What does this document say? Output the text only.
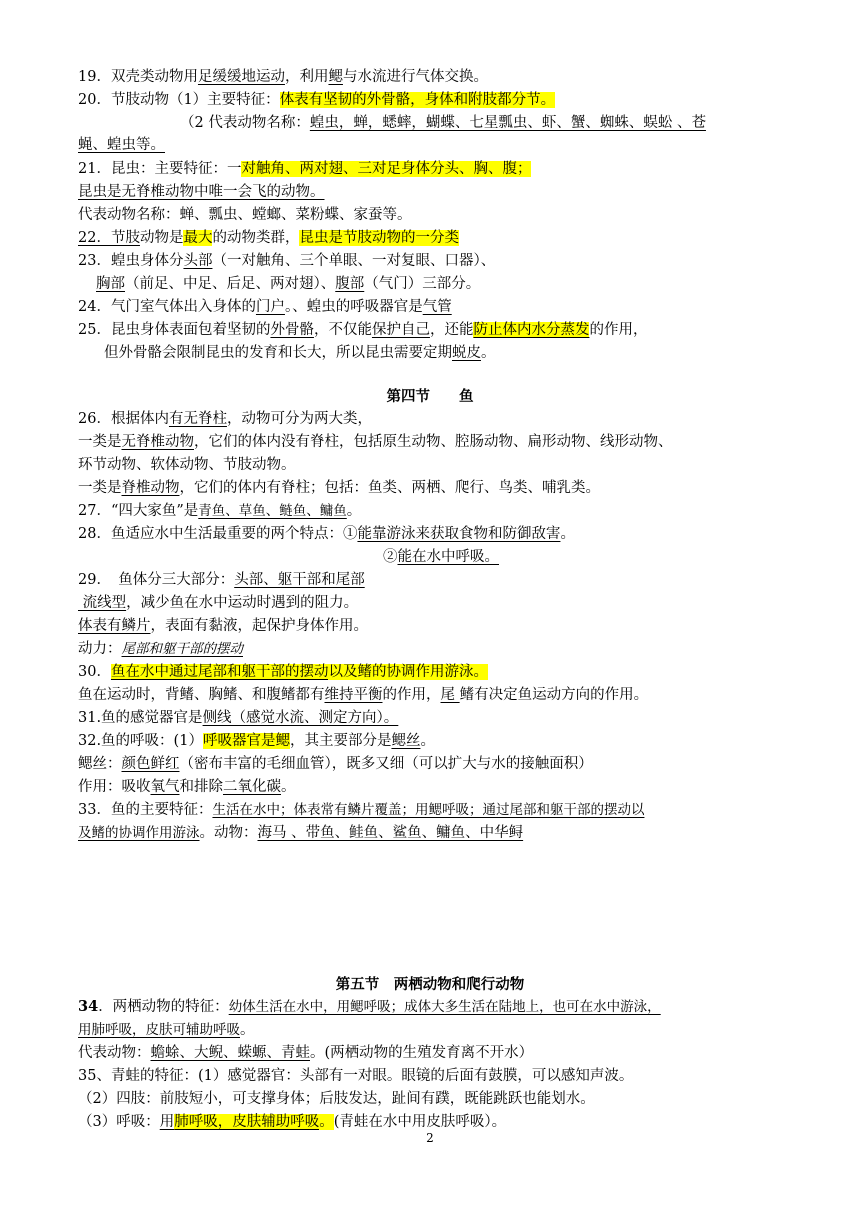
19．双壳类动物用足缓缓地运动，利用鳃与水流进行气体交换。
20．节肢动物（1）主要特征：体表有坚韧的外骨骼，身体和附肢都分节。
（2 代表动物名称：蝗虫，蝉，蟋蟀，蝴蝶、七星瓢虫、虾、蟹、蜘蛛、蜈蚣 、苍
蝇、蝗虫等。
21．昆虫：主要特征：一对触角、两对翅、三对足身体分头、胸、腹；
昆虫是无脊椎动物中唯一会飞的动物。
代表动物名称：蝉、瓢虫、螳螂、菜粉蝶、家蚕等。
22．节肢动物是最大的动物类群，昆虫是节肢动物的一分类
23．蝗虫身体分头部（一对触角、三个单眼、一对复眼、口器）、
胸部（前足、中足、后足、两对翅）、腹部（气门）三部分。
24．气门室气体出入身体的门户。、蝗虫的呼吸器官是气管
25．昆虫身体表面包着坚韧的外骨骼，不仅能保护自己，还能防止体内水分蒸发的作用，
但外骨骼会限制昆虫的发育和长大，所以昆虫需要定期蜕皮。
第四节　　鱼
26．根据体内有无脊柱，动物可分为两大类，
一类是无脊椎动物，它们的体内没有脊柱，包括原生动物、腔肠动物、扁形动物、线形动物、
环节动物、软体动物、节肢动物。
一类是脊椎动物，它们的体内有脊柱；包括：鱼类、两栖、爬行、鸟类、哺乳类。
27．“四大家鱼”是青鱼、草鱼、鲢鱼、鳙鱼。
28．鱼适应水中生活最重要的两个特点：①能靠游泳来获取食物和防御敌害。
②能在水中呼吸。
29．　鱼体分三大部分：头部、躯干部和尾部
流线型，减少鱼在水中运动时遇到的阻力。
体表有鳞片，表面有黏液，起保护身体作用。
动力：尾部和躯干部的摆动
30．鱼在水中通过尾部和躯干部的摆动以及鳍的协调作用游泳。
鱼在运动时，背鳍、胸鳍、和腹鳍都有维持平衡的作用，尾 鳍有决定鱼运动方向的作用。
31.鱼的感觉器官是侧线（感觉水流、测定方向）。
32.鱼的呼吸：(1）呼吸器官是鳃，其主要部分是鳃丝。
鳃丝：颜色鲜红（密布丰富的毛细血管），既多又细（可以扩大与水的接触面积）
作用：吸收氧气和排除二氧化碳。
33．鱼的主要特征：生活在水中；体表常有鳞片覆盖；用鳃呼吸；通过尾部和躯干部的摆动以
及鳍的协调作用游泳。动物：海马 、带鱼、鲑鱼、鲨鱼、鳙鱼、中华鲟
第五节　两栖动物和爬行动物
34．两栖动物的特征：幼体生活在水中，用鳃呼吸；成体大多生活在陆地上，也可在水中游泳，
用肺呼吸，皮肤可辅助呼吸。
代表动物：蟾蜍、大鲵、蝾螈、青蛙。(两栖动物的生殖发育离不开水）
35、青蛙的特征：(1）感觉器官：头部有一对眼。眼镜的后面有鼓膜，可以感知声波。
（2）四肢：前肢短小，可支撑身体；后肢发达，趾间有蹼，既能跳跃也能划水。
（3）呼吸：用肺呼吸，皮肤辅助呼吸。(青蛙在水中用皮肤呼吸）。
2
